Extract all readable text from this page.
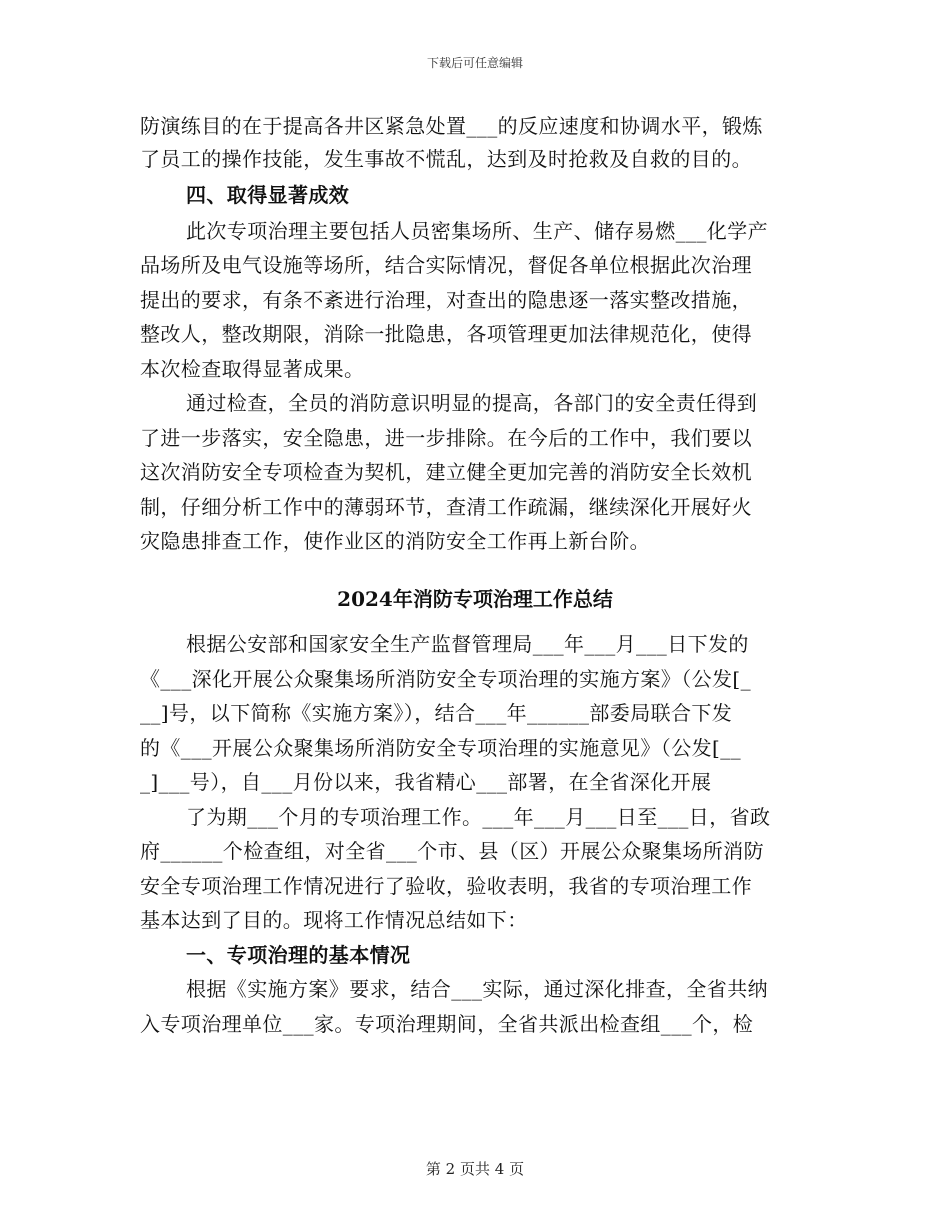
下载后可任意编辑
防演练目的在于提高各井区紧急处置___的反应速度和协调水平，锻炼
了员工的操作技能，发生事故不慌乱，达到及时抢救及自救的目的。
四、取得显著成效
此次专项治理主要包括人员密集场所、生产、储存易燃___化学产
品场所及电气设施等场所，结合实际情况，督促各单位根据此次治理
提出的要求，有条不紊进行治理，对查出的隐患逐一落实整改措施，
整改人，整改期限，消除一批隐患，各项管理更加法律规范化，使得
本次检查取得显著成果。
通过检查，全员的消防意识明显的提高，各部门的安全责任得到
了进一步落实，安全隐患，进一步排除。在今后的工作中，我们要以
这次消防安全专项检查为契机，建立健全更加完善的消防安全长效机
制，仔细分析工作中的薄弱环节，查清工作疏漏，继续深化开展好火
灾隐患排查工作，使作业区的消防安全工作再上新台阶。
2024年消防专项治理工作总结
根据公安部和国家安全生产监督管理局___年___月___日下发的
《___深化开展公众聚集场所消防安全专项治理的实施方案》（公发[_
__]号，以下简称《实施方案》），结合___年______部委局联合下发
的《___开展公众聚集场所消防安全专项治理的实施意见》（公发[__
_]___号），自___月份以来，我省精心___部署，在全省深化开展
了为期___个月的专项治理工作。___年___月___日至___日，省政
府______个检查组，对全省___个市、县（区）开展公众聚集场所消防
安全专项治理工作情况进行了验收，验收表明，我省的专项治理工作
基本达到了目的。现将工作情况总结如下：
一、专项治理的基本情况
根据《实施方案》要求，结合___实际，通过深化排查，全省共纳
入专项治理单位___家。专项治理期间，全省共派出检查组___个，检
第 2 页共 4 页
